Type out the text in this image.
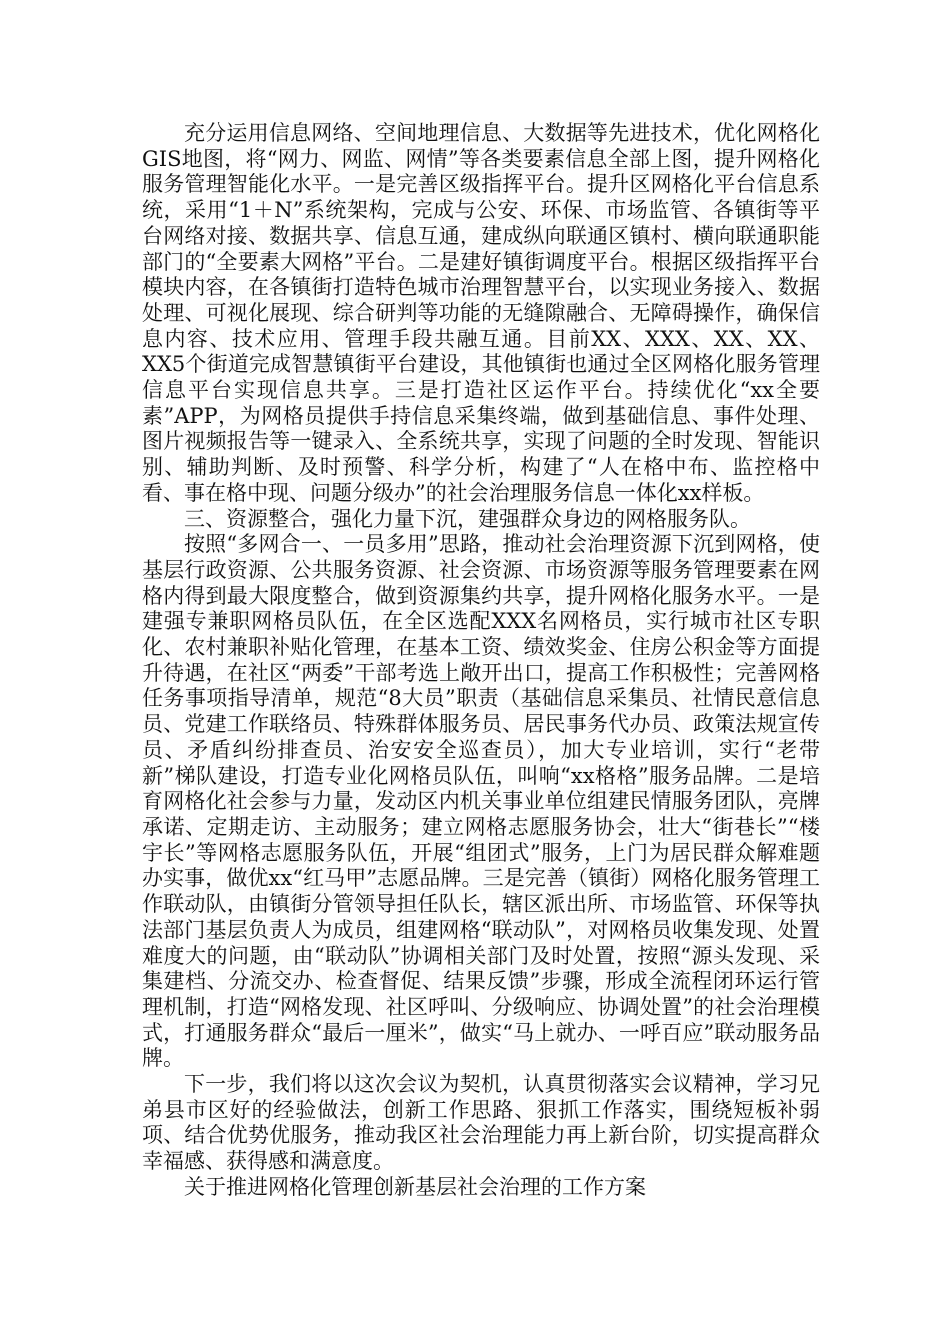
充分运用信息网络、空间地理信息、大数据等先进技术，优化网格化GIS地图，将“网力、网监、网情”等各类要素信息全部上图，提升网格化服务管理智能化水平。一是完善区级指挥平台。提升区网格化平台信息系统，采用“1＋N”系统架构，完成与公安、环保、市场监管、各镇街等平台网络对接、数据共享、信息互通，建成纵向联通区镇村、横向联通职能部门的“全要素大网格”平台。二是建好镇街调度平台。根据区级指挥平台模块内容，在各镇街打造特色城市治理智慧平台，以实现业务接入、数据处理、可视化展现、综合研判等功能的无缝隙融合、无障碍操作，确保信息内容、技术应用、管理手段共融互通。目前XX、XXX、XX、XX、XX5个街道完成智慧镇街平台建设，其他镇街也通过全区网格化服务管理信息平台实现信息共享。三是打造社区运作平台。持续优化“xx全要素”APP，为网格员提供手持信息采集终端，做到基础信息、事件处理、图片视频报告等一键录入、全系统共享，实现了问题的全时发现、智能识别、辅助判断、及时预警、科学分析，构建了“人在格中布、监控格中看、事在格中现、问题分级办”的社会治理服务信息一体化xx样板。

三、资源整合，强化力量下沉，建强群众身边的网格服务队。

按照“多网合一、一员多用”思路，推动社会治理资源下沉到网格，使基层行政资源、公共服务资源、社会资源、市场资源等服务管理要素在网格内得到最大限度整合，做到资源集约共享，提升网格化服务水平。一是建强专兼职网格员队伍，在全区选配XXX名网格员，实行城市社区专职化、农村兼职补贴化管理，在基本工资、绩效奖金、住房公积金等方面提升待遇，在社区“两委”干部考选上敞开出口，提高工作积极性；完善网格任务事项指导清单，规范“8大员”职责（基础信息采集员、社情民意信息员、党建工作联络员、特殊群体服务员、居民事务代办员、政策法规宣传员、矛盾纠纷排查员、治安安全巡查员），加大专业培训，实行“老带新”梯队建设，打造专业化网格员队伍，叫响“xx格格”服务品牌。二是培育网格化社会参与力量，发动区内机关事业单位组建民情服务团队，亮牌承诺、定期走访、主动服务；建立网格志愿服务协会，壮大“街巷长”“楼宇长”等网格志愿服务队伍，开展“组团式”服务，上门为居民群众解难题办实事，做优xx“红马甲”志愿品牌。三是完善（镇街）网格化服务管理工作联动队，由镇街分管领导担任队长，辖区派出所、市场监管、环保等执法部门基层负责人为成员，组建网格“联动队”，对网格员收集发现、处置难度大的问题，由“联动队”协调相关部门及时处置，按照“源头发现、采集建档、分流交办、检查督促、结果反馈”步骤，形成全流程闭环运行管理机制，打造“网格发现、社区呼叫、分级响应、协调处置”的社会治理模式，打通服务群众“最后一厘米”，做实“马上就办、一呼百应”联动服务品牌。

下一步，我们将以这次会议为契机，认真贯彻落实会议精神，学习兄弟县市区好的经验做法，创新工作思路、狠抓工作落实，围绕短板补弱项、结合优势优服务，推动我区社会治理能力再上新台阶，切实提高群众幸福感、获得感和满意度。

关于推进网格化管理创新基层社会治理的工作方案
